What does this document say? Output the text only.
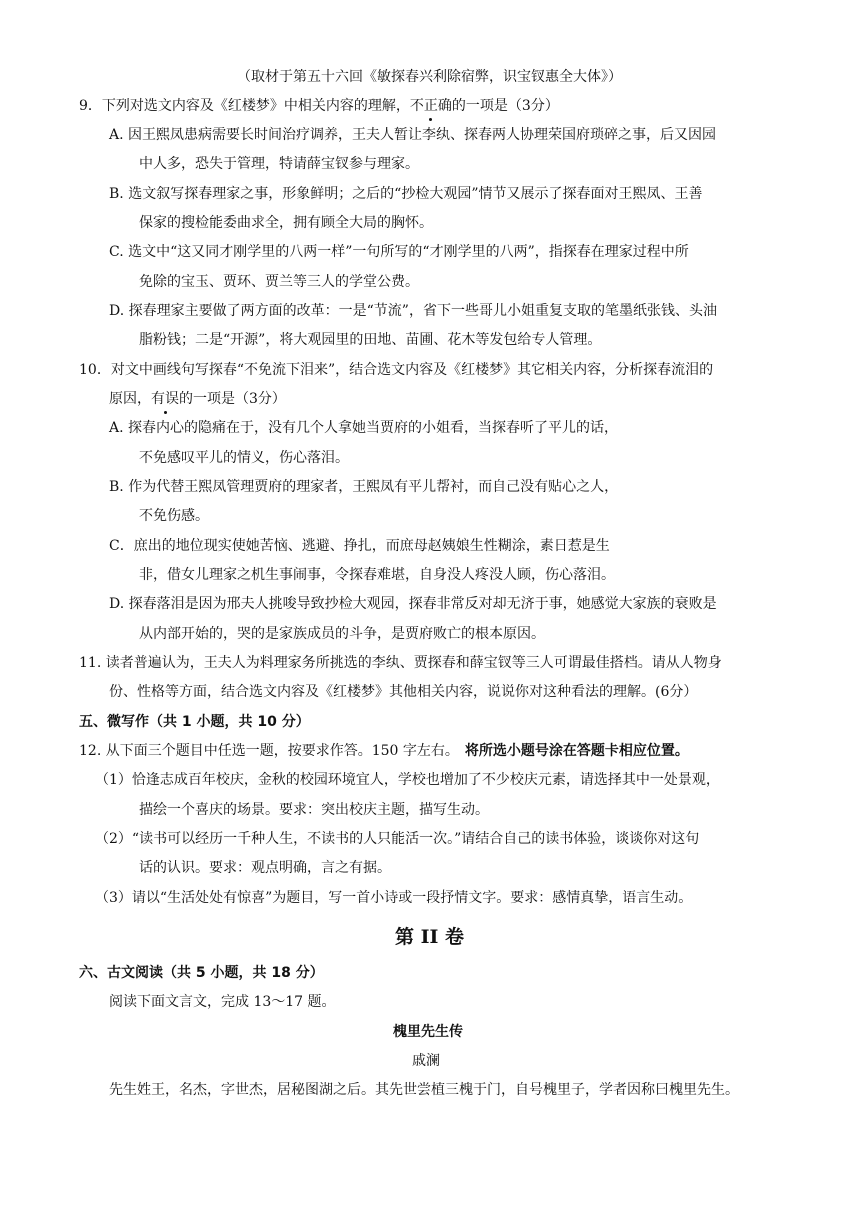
（取材于第五十六回《敏探春兴利除宿弊，识宝钗惠全大体》）
9．下列对选文内容及《红楼梦》中相关内容的理解，不正确的一项是（3分）
A. 因王熙凤患病需要长时间治疗调养，王夫人暂让李纨、探春两人协理荣国府琐碎之事，后又因园
中人多，恐失于管理，特请薛宝钗参与理家。
B. 选文叙写探春理家之事，形象鲜明；之后的“抄检大观园”情节又展示了探春面对王熙凤、王善
保家的搜检能委曲求全，拥有顾全大局的胸怀。
C. 选文中“这又同才刚学里的八两一样”一句所写的“才刚学里的八两”，指探春在理家过程中所
免除的宝玉、贾环、贾兰等三人的学堂公费。
D. 探春理家主要做了两方面的改革：一是“节流”，省下一些哥儿小姐重复支取的笔墨纸张钱、头油
脂粉钱；二是“开源”，将大观园里的田地、苗圃、花木等发包给专人管理。
10．对文中画线句写探春“不免流下泪来”，结合选文内容及《红楼梦》其它相关内容，分析探春流泪的
原因，有误的一项是（3分）
A. 探春内心的隐痛在于，没有几个人拿她当贾府的小姐看，当探春听了平儿的话，
不免感叹平儿的情义，伤心落泪。
B. 作为代替王熙凤管理贾府的理家者，王熙凤有平儿帮衬，而自己没有贴心之人，
不免伤感。
C．庶出的地位现实使她苦恼、逃避、挣扎，而庶母赵姨娘生性糊涂，素日惹是生
非，借女儿理家之机生事闹事，令探春难堪，自身没人疼没人顾，伤心落泪。
D. 探春落泪是因为邢夫人挑唆导致抄检大观园，探春非常反对却无济于事，她感觉大家族的衰败是
从内部开始的，哭的是家族成员的斗争，是贾府败亡的根本原因。
11. 读者普遍认为，王夫人为料理家务所挑选的李纨、贾探春和薛宝钗等三人可谓最佳搭档。请从人物身
份、性格等方面，结合选文内容及《红楼梦》其他相关内容，说说你对这种看法的理解。(6分）
五、微写作（共 1 小题，共 10 分）
12. 从下面三个题目中任选一题，按要求作答。150 字左右。 将所选小题号涂在答题卡相应位置。
（1）恰逢志成百年校庆，金秋的校园环境宜人，学校也增加了不少校庆元素，请选择其中一处景观，
描绘一个喜庆的场景。要求：突出校庆主题，描写生动。
（2）“读书可以经历一千种人生，不读书的人只能活一次。”请结合自己的读书体验，谈谈你对这句
话的认识。要求：观点明确，言之有据。
（3）请以“生活处处有惊喜”为题目，写一首小诗或一段抒情文字。要求：感情真挚，语言生动。
第 II 卷
六、古文阅读（共 5 小题，共 18 分）
阅读下面文言文，完成 13～17 题。
槐里先生传
戚澜
先生姓王，名杰，字世杰，居秘图湖之后。其先世尝植三槐于门，自号槐里子，学者因称曰槐里先生。
